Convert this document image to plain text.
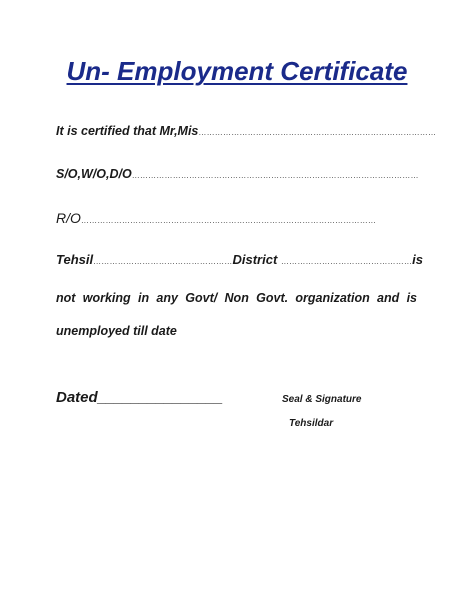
Un- Employment Certificate
It is certified that Mr,Mis……………………………………………………………………………
S/O,W/O,D/O……………………………………………………………………………………………
R/O………………………………………………………………………………………………
Tehsil……………………………………………District …………………………………………is
not working in any Govt/ Non Govt. organization and is
unemployed till date
Dated_______________	Seal & Signature
Tehsildar
